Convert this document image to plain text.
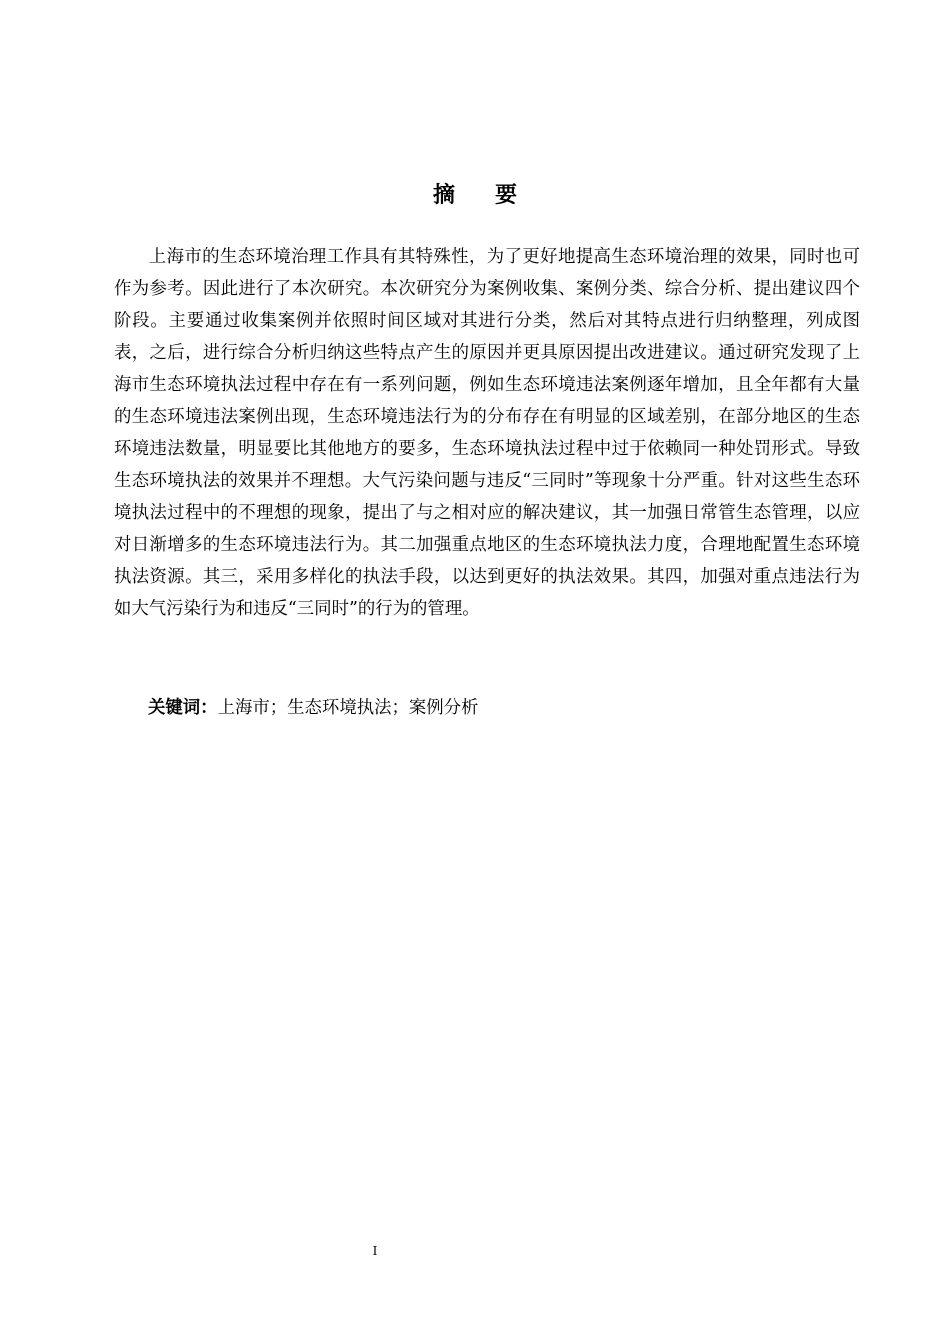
摘要

上海市的生态环境治理工作具有其特殊性，为了更好地提高生态环境治理的效果，同时也可作为参考。因此进行了本次研究。本次研究分为案例收集、案例分类、综合分析、提出建议四个阶段。主要通过收集案例并依照时间区域对其进行分类，然后对其特点进行归纳整理，列成图表，之后，进行综合分析归纳这些特点产生的原因并更具原因提出改进建议。通过研究发现了上海市生态环境执法过程中存在有一系列问题，例如生态环境违法案例逐年增加，且全年都有大量的生态环境违法案例出现，生态环境违法行为的分布存在有明显的区域差别，在部分地区的生态环境违法数量，明显要比其他地方的要多，生态环境执法过程中过于依赖同一种处罚形式。导致生态环境执法的效果并不理想。大气污染问题与违反“三同时”等现象十分严重。针对这些生态环境执法过程中的不理想的现象，提出了与之相对应的解决建议，其一加强日常管生态管理，以应对日渐增多的生态环境违法行为。其二加强重点地区的生态环境执法力度，合理地配置生态环境执法资源。其三，采用多样化的执法手段，以达到更好的执法效果。其四，加强对重点违法行为如大气污染行为和违反“三同时”的行为的管理。

关键词：上海市；生态环境执法；案例分析
I
